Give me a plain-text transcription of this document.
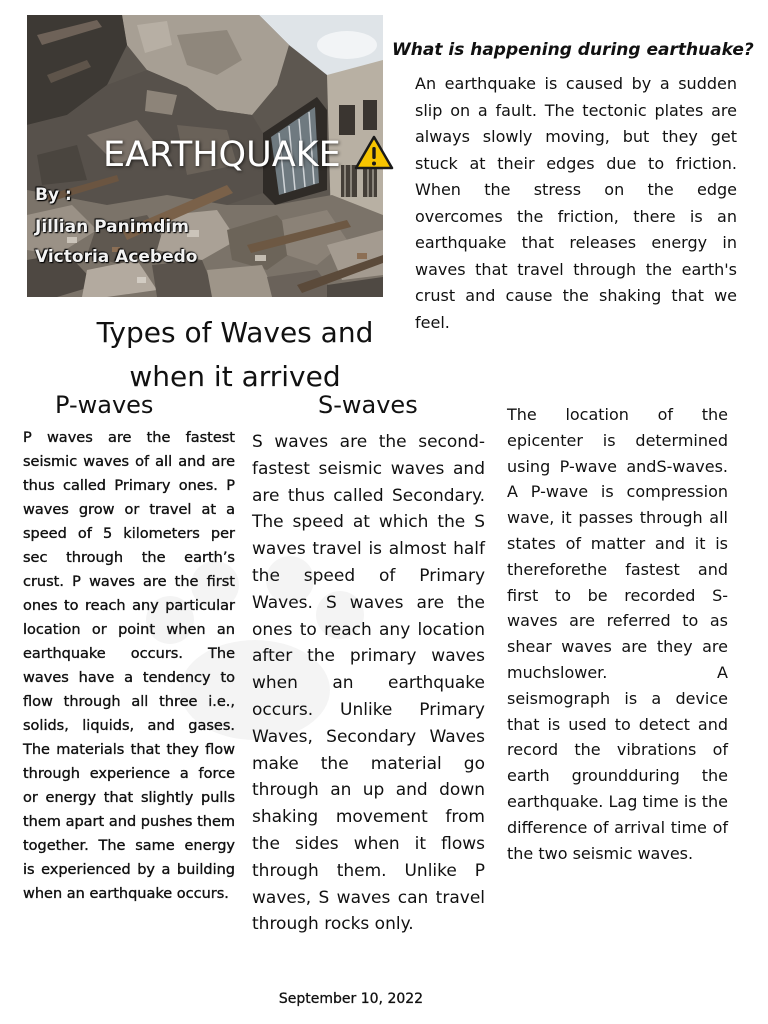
EARTHQUAKE
By :
Jillian Panimdim
Victoria Acebedo
What is happening during earthuake?
An earthquake is caused by a sudden slip on a fault. The tectonic plates are always slowly moving, but they get stuck at their edges due to friction. When the stress on the edge overcomes the friction, there is an earthquake that releases energy in waves that travel through the earth's crust and cause the shaking that we feel.
Types of Waves and when it arrived
P-waves	S-waves
P waves are the fastest seismic waves of all and are thus called Primary ones. P waves grow or travel at a speed of 5 kilometers per sec through the earth’s crust. P waves are the first ones to reach any particular location or point when an earthquake occurs. The waves have a tendency to flow through all three i.e., solids, liquids, and gases. The materials that they flow through experience a force or energy that slightly pulls them apart and pushes them together. The same energy is experienced by a building when an earthquake occurs.
S waves are the second-fastest seismic waves and are thus called Secondary. The speed at which the S waves travel is almost half the speed of Primary Waves. S waves are the ones to reach any location after the primary waves when an earthquake occurs. Unlike Primary Waves, Secondary Waves make the material go through an up and down shaking movement from the sides when it flows through them. Unlike P waves, S waves can travel through rocks only.
The location of the epicenter is determined using P-wave andS-waves. A P-wave is compression wave, it passes through all states of matter and it is thereforethe fastest and first to be recorded S-waves are referred to as shear waves are they are muchslower. A seismograph is a device that is used to detect and record the vibrations of earth groundduring the earthquake. Lag time is the difference of arrival time of the two seismic waves.
September 10, 2022
